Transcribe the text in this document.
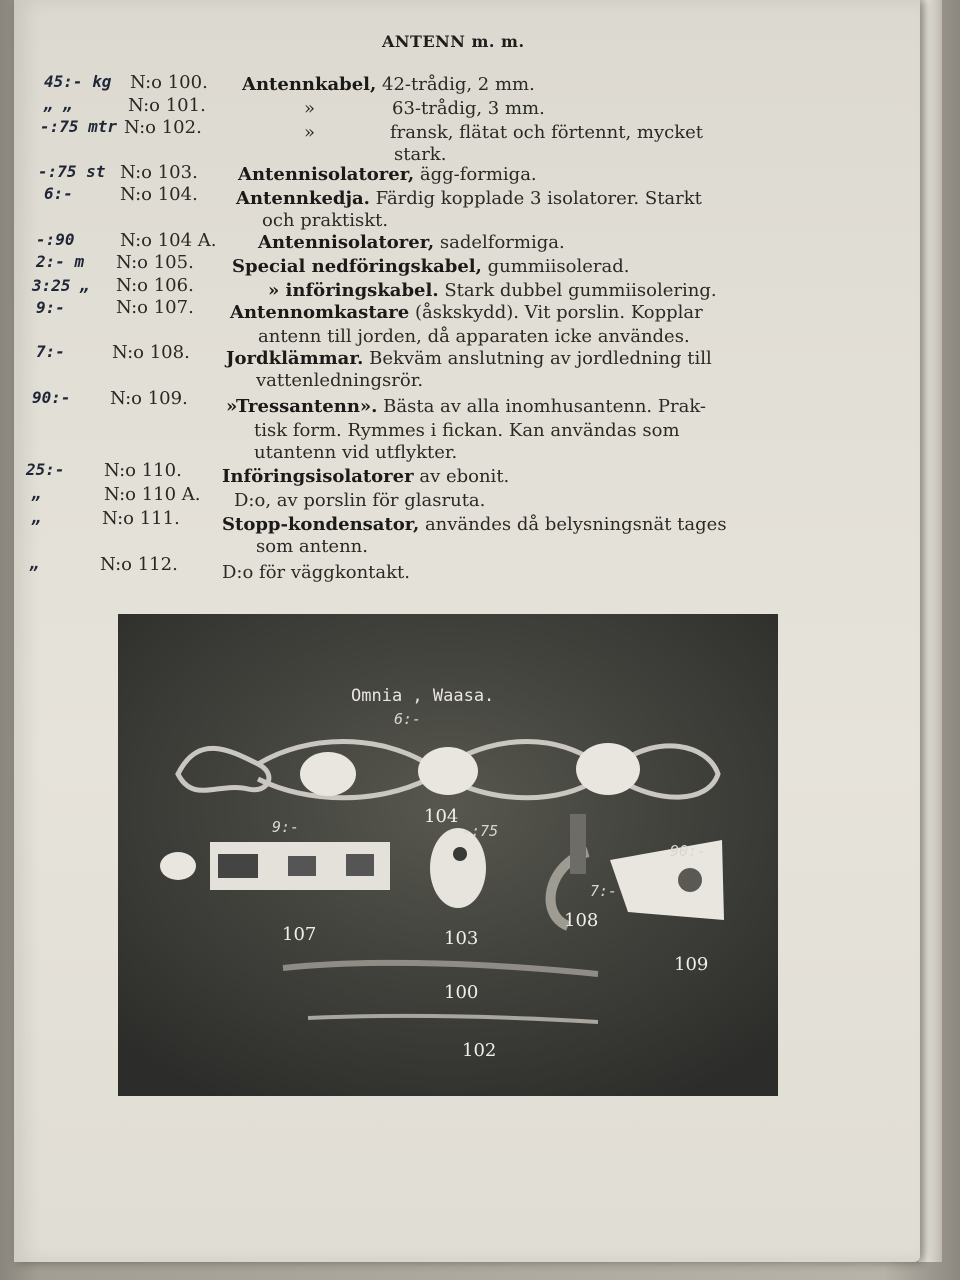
ANTENN m. m.
45:- kg N:o 100. Antennkabel, 42-trådig, 2 mm.
„ „	N:o 101.	»	63-trådig, 3 mm.
-:75 mtr N:o 102.	»	fransk, flätat och förtennt, mycket
stark.
-:75 st N:o 103. Antennisolatorer, ägg-formiga.
6:-	N:o 104. Antennkedja. Färdig kopplade 3 isolatorer. Starkt
och praktiskt.
-:90	N:o 104 A. Antennisolatorer, sadelformiga.
2:- m N:o 105. Special nedföringskabel, gummiisolerad.
3:25 „ N:o 106.	» införingskabel. Stark dubbel gummiisolering.
9:-	N:o 107. Antennomkastare (åskskydd). Vit porslin. Kopplar
antenn till jorden, då apparaten icke användes.
7:-	N:o 108. Jordklämmar. Bekväm anslutning av jordledning till
vattenledningsrör.
90:- N:o 109. »Tressantenn». Bästa av alla inomhusantenn. Prak-
tisk form. Rymmes i fickan. Kan användas som
utantenn vid utflykter.
25:- N:o 110. Införingsisolatorer av ebonit.
„	N:o 110 A. D:o, av porslin för glasruta.
„	N:o 111. Stopp-kondensator, användes då belysningsnät tages
som antenn.
„	N:o 112. D:o för väggkontakt.
Omnia , Waasa.
6:-
9:-	104
-:75
7:-
90:-
107	103
108
109
100
102
